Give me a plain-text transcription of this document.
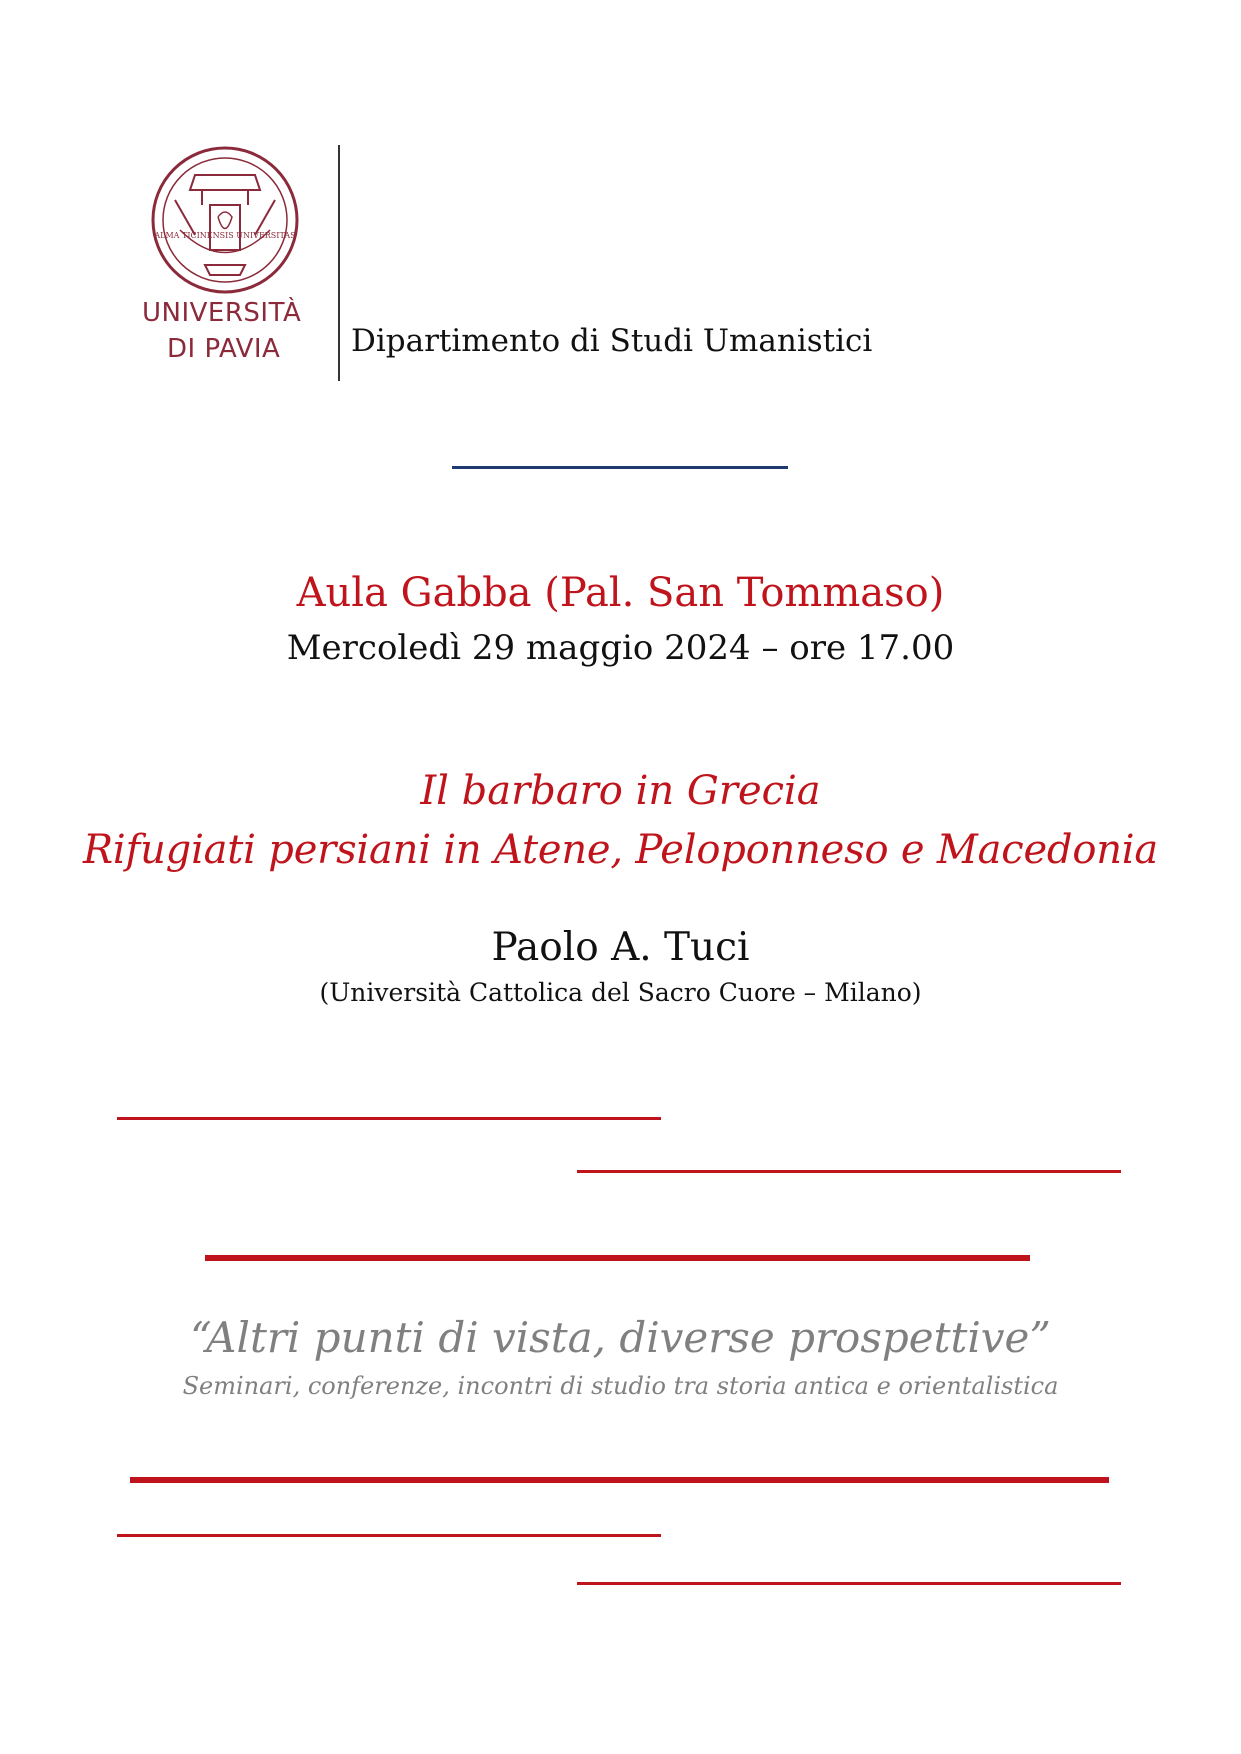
ALMA TICINENSIS UNIVERSITAS
UNIVERSITÀ
DI PAVIA Dipartimento di Studi Umanistici
Aula Gabba (Pal. San Tommaso)
Mercoledì 29 maggio 2024 – ore 17.00
Il barbaro in Grecia
Rifugiati persiani in Atene, Peloponneso e Macedonia
Paolo A. Tuci
(Università Cattolica del Sacro Cuore – Milano)
“Altri punti di vista, diverse prospettive”
Seminari, conferenze, incontri di studio tra storia antica e orientalistica
